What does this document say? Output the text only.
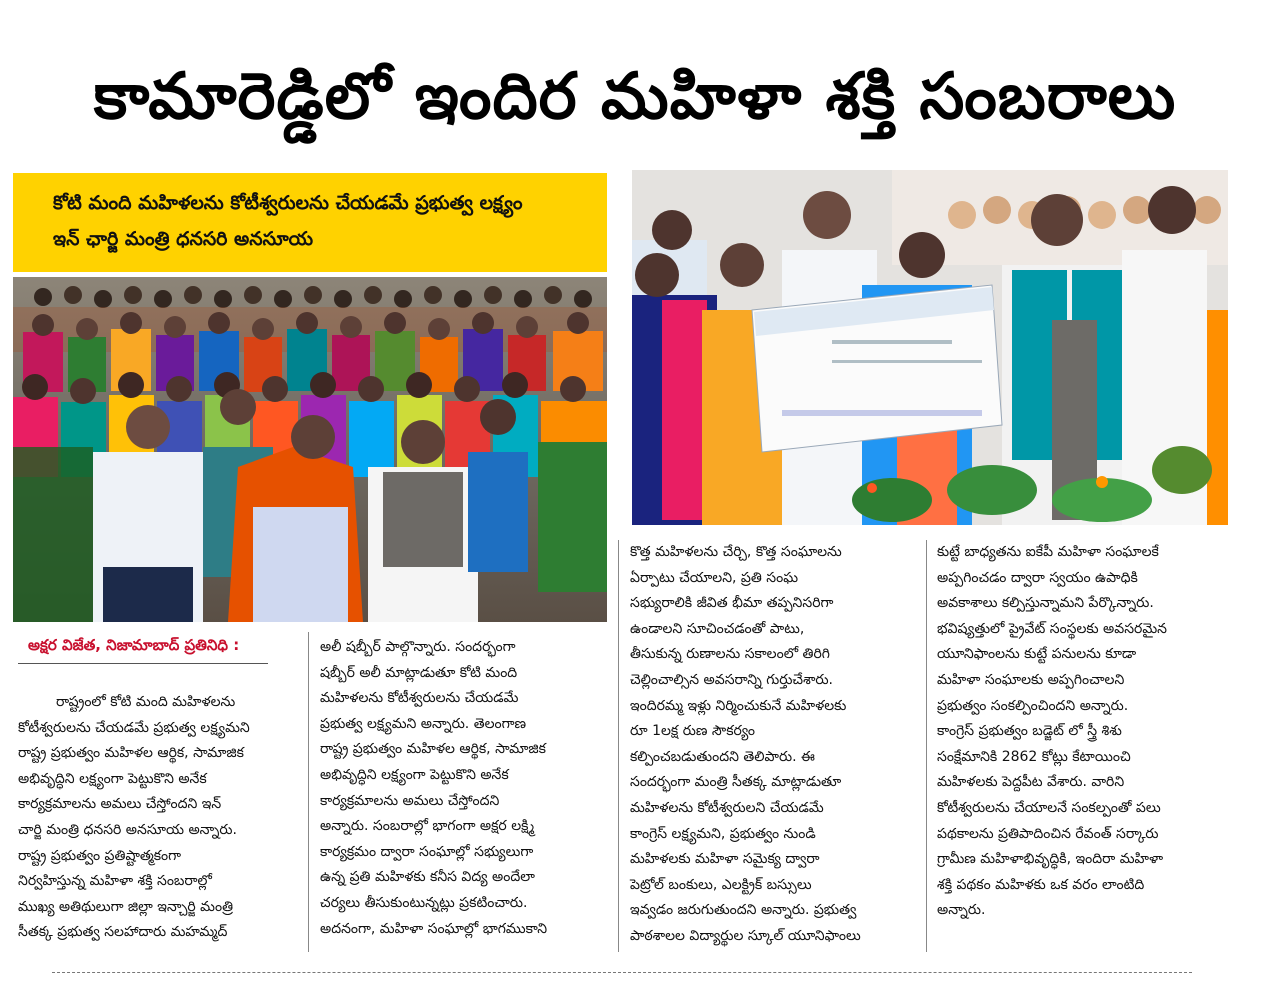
కామారెడ్డిలో ఇందిర మహిళా శక్తి సంబరాలు
కోటి మంది మహిళలను కోటీశ్వరులను చేయడమే ప్రభుత్వ లక్ష్యం
ఇన్ ఛార్జి మంత్రి ధనసరి అనసూయ
అక్షర విజేత, నిజామాబాద్ ప్రతినిధి :

రాష్ట్రంలో కోటి మంది మహిళలను

కోటీశ్వరులను చేయడమే ప్రభుత్వ లక్ష్యమని

రాష్ట్ర ప్రభుత్వం మహిళల ఆర్థిక, సామాజిక

అభివృద్ధిని లక్ష్యంగా పెట్టుకొని అనేక

కార్యక్రమాలను అమలు చేస్తోందని ఇన్

చార్జి మంత్రి ధనసరి అనసూయ అన్నారు.

రాష్ట్ర ప్రభుత్వం ప్రతిష్టాత్మకంగా

నిర్వహిస్తున్న మహిళా శక్తి సంబరాల్లో

ముఖ్య అతిథులుగా జిల్లా ఇన్చార్జి మంత్రి

సీతక్క ప్రభుత్వ సలహాదారు మహమ్మద్

అలీ షబ్బీర్ పాల్గొన్నారు. సందర్భంగా

షబ్బీర్ అలీ మాట్లాడుతూ కోటి మంది

మహిళలను కోటీశ్వరులను చేయడమే

ప్రభుత్వ లక్ష్యమని అన్నారు. తెలంగాణ

రాష్ట్ర ప్రభుత్వం మహిళల ఆర్థిక, సామాజిక

అభివృద్ధిని లక్ష్యంగా పెట్టుకొని అనేక

కార్యక్రమాలను అమలు చేస్తోందని

అన్నారు. సంబరాల్లో భాగంగా అక్షర లక్ష్మి

కార్యక్రమం ద్వారా సంఘాల్లో సభ్యులుగా

ఉన్న ప్రతి మహిళకు కనీస విద్య అందేలా

చర్యలు తీసుకుంటున్నట్లు ప్రకటించారు.

అదనంగా, మహిళా సంఘాల్లో భాగముకాని

కొత్త మహిళలను చేర్చి, కొత్త సంఘాలను

ఏర్పాటు చేయాలని, ప్రతి సంఘ

సభ్యురాలికి జీవిత భీమా తప్పనిసరిగా

ఉండాలని సూచించడంతో పాటు,

తీసుకున్న రుణాలను సకాలంలో తిరిగి

చెల్లించాల్సిన అవసరాన్ని గుర్తుచేశారు.

ఇందిరమ్మ ఇళ్లు నిర్మించుకునే మహిళలకు

రూ 1లక్ష రుణ సౌకర్యం

కల్పించబడుతుందని తెలిపారు. ఈ

సందర్భంగా మంత్రి సీతక్క మాట్లాడుతూ

మహిళలను కోటీశ్వరులని చేయడమే

కాంగ్రెస్ లక్ష్యమని, ప్రభుత్వం నుండి

మహిళలకు మహిళా సమైక్య ద్వారా

పెట్రోల్ బంకులు, ఎలక్ట్రిక్ బస్సులు

ఇవ్వడం జరుగుతుందని అన్నారు. ప్రభుత్వ

పాఠశాలల విద్యార్థుల స్కూల్ యూనిఫాంలు

కుట్టే బాధ్యతను ఐకేపీ మహిళా సంఘాలకే

అప్పగించడం ద్వారా స్వయం ఉపాధికి

అవకాశాలు కల్పిస్తున్నామని పేర్కొన్నారు.

భవిష్యత్తులో ప్రైవేట్ సంస్థలకు అవసరమైన

యూనిఫాంలను కుట్టే పనులను కూడా

మహిళా సంఘాలకు అప్పగించాలని

ప్రభుత్వం సంకల్పించిందని అన్నారు.

కాంగ్రెస్ ప్రభుత్వం బడ్జెట్ లో స్త్రీ శిశు

సంక్షేమానికి 2862 కోట్లు కేటాయించి

మహిళలకు పెద్దపీట వేశారు. వారిని

కోటీశ్వరులను చేయాలనే సంకల్పంతో పలు

పథకాలను ప్రతిపాదించిన రేవంత్ సర్కారు

గ్రామీణ మహిళాభివృద్ధికి, ఇందిరా మహిళా

శక్తి పథకం మహిళకు ఒక వరం లాంటిది

అన్నారు.
